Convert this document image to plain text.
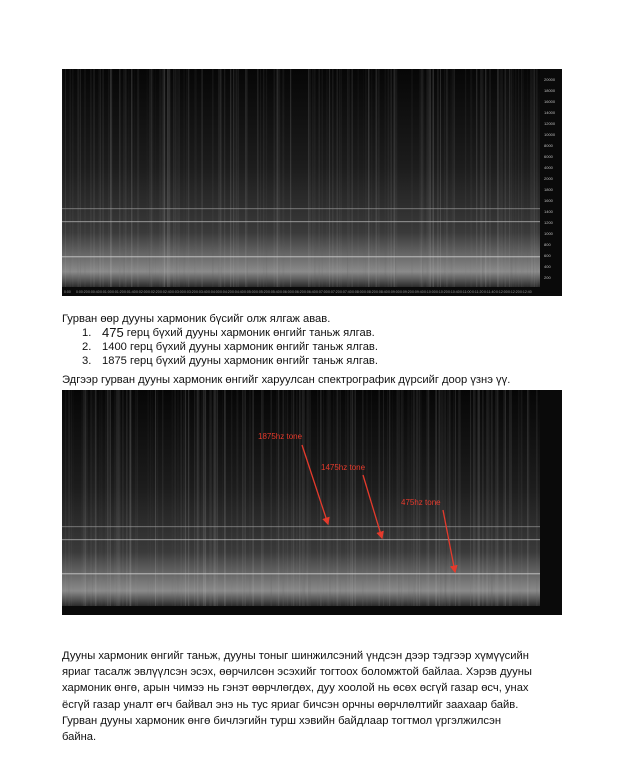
20000
18000
16000
14000
12000
10000
8000
6000
4000
2000
1800
1600
1400
1200
1000
800
600
400
200
0:00 0:00:20 0:00:40 0:01:00 0:01:20 0:01:40 0:02:00 0:02:20 0:02:40 0:03:00 0:03:20 0:03:40 0:04:00 0:04:20 0:04:40 0:05:00 0:05:20 0:05:40 0:06:00 0:06:20 0:06:40 0:07:00 0:07:20 0:07:40 0:08:00 0:08:20 0:08:40 0:09:00 0:09:20 0:09:40 0:10:00 0:10:20 0:10:40 0:11:00 0:11:20 0:11:40 0:12:00 0:12:20 0:12:40
Гурван өөр дууны хармоник бүсийг олж ялгаж авав.
1. 475 герц бүхий дууны хармоник өнгийг таньж ялгав.
2. 1400 герц бүхий дууны хармоник өнгийг таньж ялгав.
3. 1875 герц бүхий дууны хармоник өнгийг таньж ялгав.
Эдгээр гурван дууны хармоник өнгийг харуулсан спектрографик дүрсийг доор үзнэ үү.
1875hz tone
1475hz tone
475hz tone
Дууны хармоник өнгийг таньж, дууны тоныг шинжилсэний үндсэн дээр тэдгээр хүмүүсийн
яриаг тасалж эвлүүлсэн эсэх, өөрчилсөн эсэхийг тогтоох боломжтой байлаа. Хэрэв дууны
хармоник өнгө, арын чимээ нь гэнэт өөрчлөгдөх, дуу хоолой нь өсөх өсгүй газар өсч, унах
ёсгүй газар уналт өгч байвал энэ нь тус яриаг бичсэн орчны өөрчлөлтийг заахаар байв.
Гурван дууны хармоник өнгө бичлэгийн турш хэвийн байдлаар тогтмол үргэлжилсэн
байна.
